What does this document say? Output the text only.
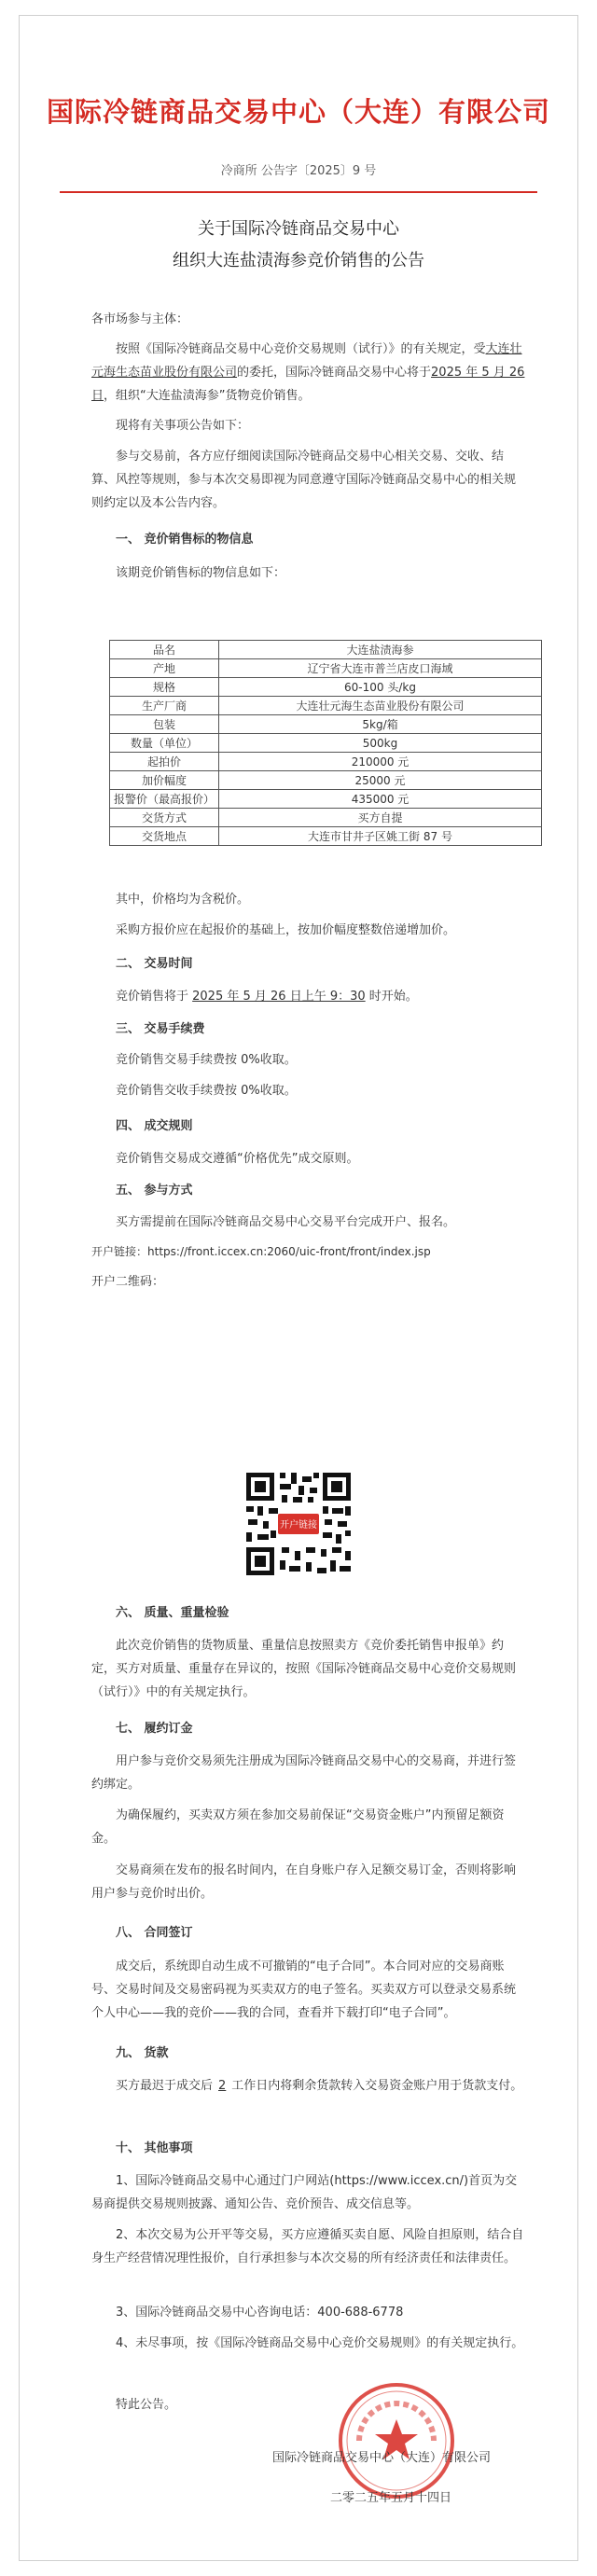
国际冷链商品交易中心（大连）有限公司
冷商所 公告字〔2025〕9 号
关于国际冷链商品交易中心
组织大连盐渍海参竞价销售的公告

各市场参与主体：

按照《国际冷链商品交易中心竞价交易规则（试行）》的有关规定，受大连壮元海生态苗业股份有限公司的委托，国际冷链商品交易中心将于2025 年 5 月 26 日，组织“大连盐渍海参”货物竞价销售。

现将有关事项公告如下：

参与交易前，各方应仔细阅读国际冷链商品交易中心相关交易、交收、结算、风控等规则，参与本次交易即视为同意遵守国际冷链商品交易中心的相关规则约定以及本公告内容。

一、 竞价销售标的物信息

该期竞价销售标的物信息如下：

品名	大连盐渍海参
产地	辽宁省大连市普兰店皮口海域
规格	60-100 头/kg
生产厂商	大连壮元海生态苗业股份有限公司
包装	5kg/箱
数量（单位）	500kg
起拍价	210000 元
加价幅度	25000 元
报警价（最高报价）	435000 元
交货方式	买方自提
交货地点	大连市甘井子区姚工街 87 号

其中，价格均为含税价。

采购方报价应在起报价的基础上，按加价幅度整数倍递增加价。

二、 交易时间

竞价销售将于 2025 年 5 月 26 日上午 9：30 时开始。

三、 交易手续费

竞价销售交易手续费按 0%收取。

竞价销售交收手续费按 0%收取。

四、 成交规则

竞价销售交易成交遵循“价格优先”成交原则。

五、 参与方式

买方需提前在国际冷链商品交易中心交易平台完成开户、报名。

开户链接：https://front.iccex.cn:2060/uic-front/front/index.jsp

开户二维码：

开户链接
六、 质量、重量检验

此次竞价销售的货物质量、重量信息按照卖方《竞价委托销售申报单》约定，买方对质量、重量存在异议的，按照《国际冷链商品交易中心竞价交易规则（试行）》中的有关规定执行。

七、 履约订金

用户参与竞价交易须先注册成为国际冷链商品交易中心的交易商，并进行签约绑定。

为确保履约，买卖双方须在参加交易前保证“交易资金账户”内预留足额资金。

交易商须在发布的报名时间内，在自身账户存入足额交易订金，否则将影响用户参与竞价时出价。

八、 合同签订

成交后，系统即自动生成不可撤销的“电子合同”。本合同对应的交易商账号、交易时间及交易密码视为买卖双方的电子签名。买卖双方可以登录交易系统个人中心——我的竞价——我的合同，查看并下载打印“电子合同”。

九、 货款

买方最迟于成交后 2 工作日内将剩余货款转入交易资金账户用于货款支付。

十、 其他事项

1、国际冷链商品交易中心通过门户网站(https://www.iccex.cn/)首页为交易商提供交易规则披露、通知公告、竞价预告、成交信息等。

2、本次交易为公开平等交易，买方应遵循买卖自愿、风险自担原则，结合自身生产经营情况理性报价，自行承担参与本次交易的所有经济责任和法律责任。

3、国际冷链商品交易中心咨询电话：400-688-6778

4、未尽事项，按《国际冷链商品交易中心竞价交易规则》的有关规定执行。

特此公告。

国际冷链商品交易中心（大连）有限公司
二零二五年五月十四日
